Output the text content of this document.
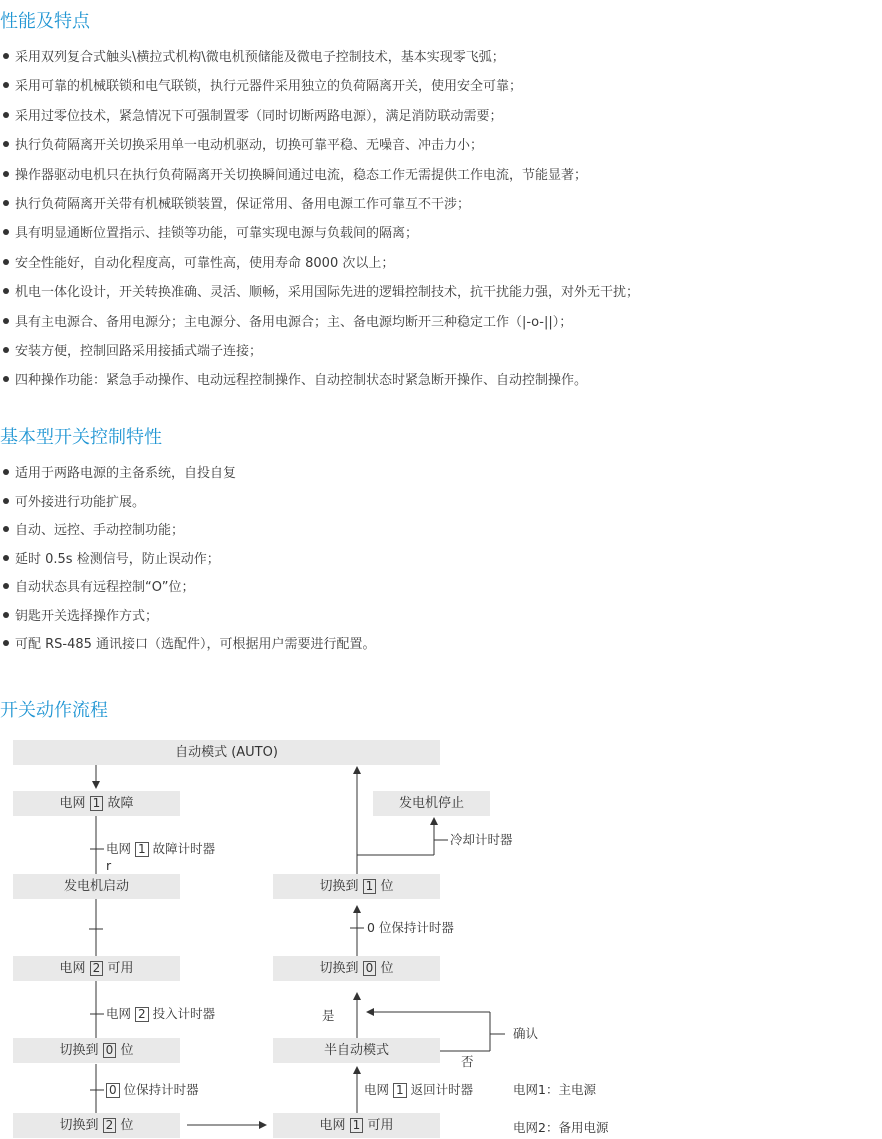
性能及特点
采用双列复合式触头\横拉式机构\微电机预储能及微电子控制技术，基本实现零飞弧；
采用可靠的机械联锁和电气联锁，执行元器件采用独立的负荷隔离开关，使用安全可靠；
采用过零位技术，紧急情况下可强制置零（同时切断两路电源），满足消防联动需要；
执行负荷隔离开关切换采用单一电动机驱动，切换可靠平稳、无噪音、冲击力小；
操作器驱动电机只在执行负荷隔离开关切换瞬间通过电流，稳态工作无需提供工作电流，节能显著；
执行负荷隔离开关带有机械联锁装置，保证常用、备用电源工作可靠互不干涉；
具有明显通断位置指示、挂锁等功能，可靠实现电源与负载间的隔离；
安全性能好，自动化程度高，可靠性高，使用寿命 8000 次以上；
机电一体化设计，开关转换准确、灵活、顺畅，采用国际先进的逻辑控制技术，抗干扰能力强，对外无干扰；
具有主电源合、备用电源分；主电源分、备用电源合；主、备电源均断开三种稳定工作（|-o-||）；
安装方便，控制回路采用接插式端子连接；
四种操作功能：紧急手动操作、电动远程控制操作、自动控制状态时紧急断开操作、自动控制操作。
基本型开关控制特性
适用于两路电源的主备系统，自投自复
可外接进行功能扩展。
自动、远控、手动控制功能；
延时 0.5s 检测信号，防止误动作；
自动状态具有远程控制“O”位；
钥匙开关选择操作方式；
可配 RS-485 通讯接口（选配件），可根据用户需要进行配置。
开关动作流程
自动模式 (AUTO)
电网 1 故障
发电机启动
电网 2 可用
切换到 0 位
切换到 2 位
发电机停止
切换到 1 位
切换到 0 位
半自动模式
电网 1 可用
电网 1 故障计时器
r
电网 2 投入计时器
0 位保持计时器
冷却计时器
0 位保持计时器
是
确认
否
电网 1 返回计时器	电网1：主电源
电网2：备用电源
